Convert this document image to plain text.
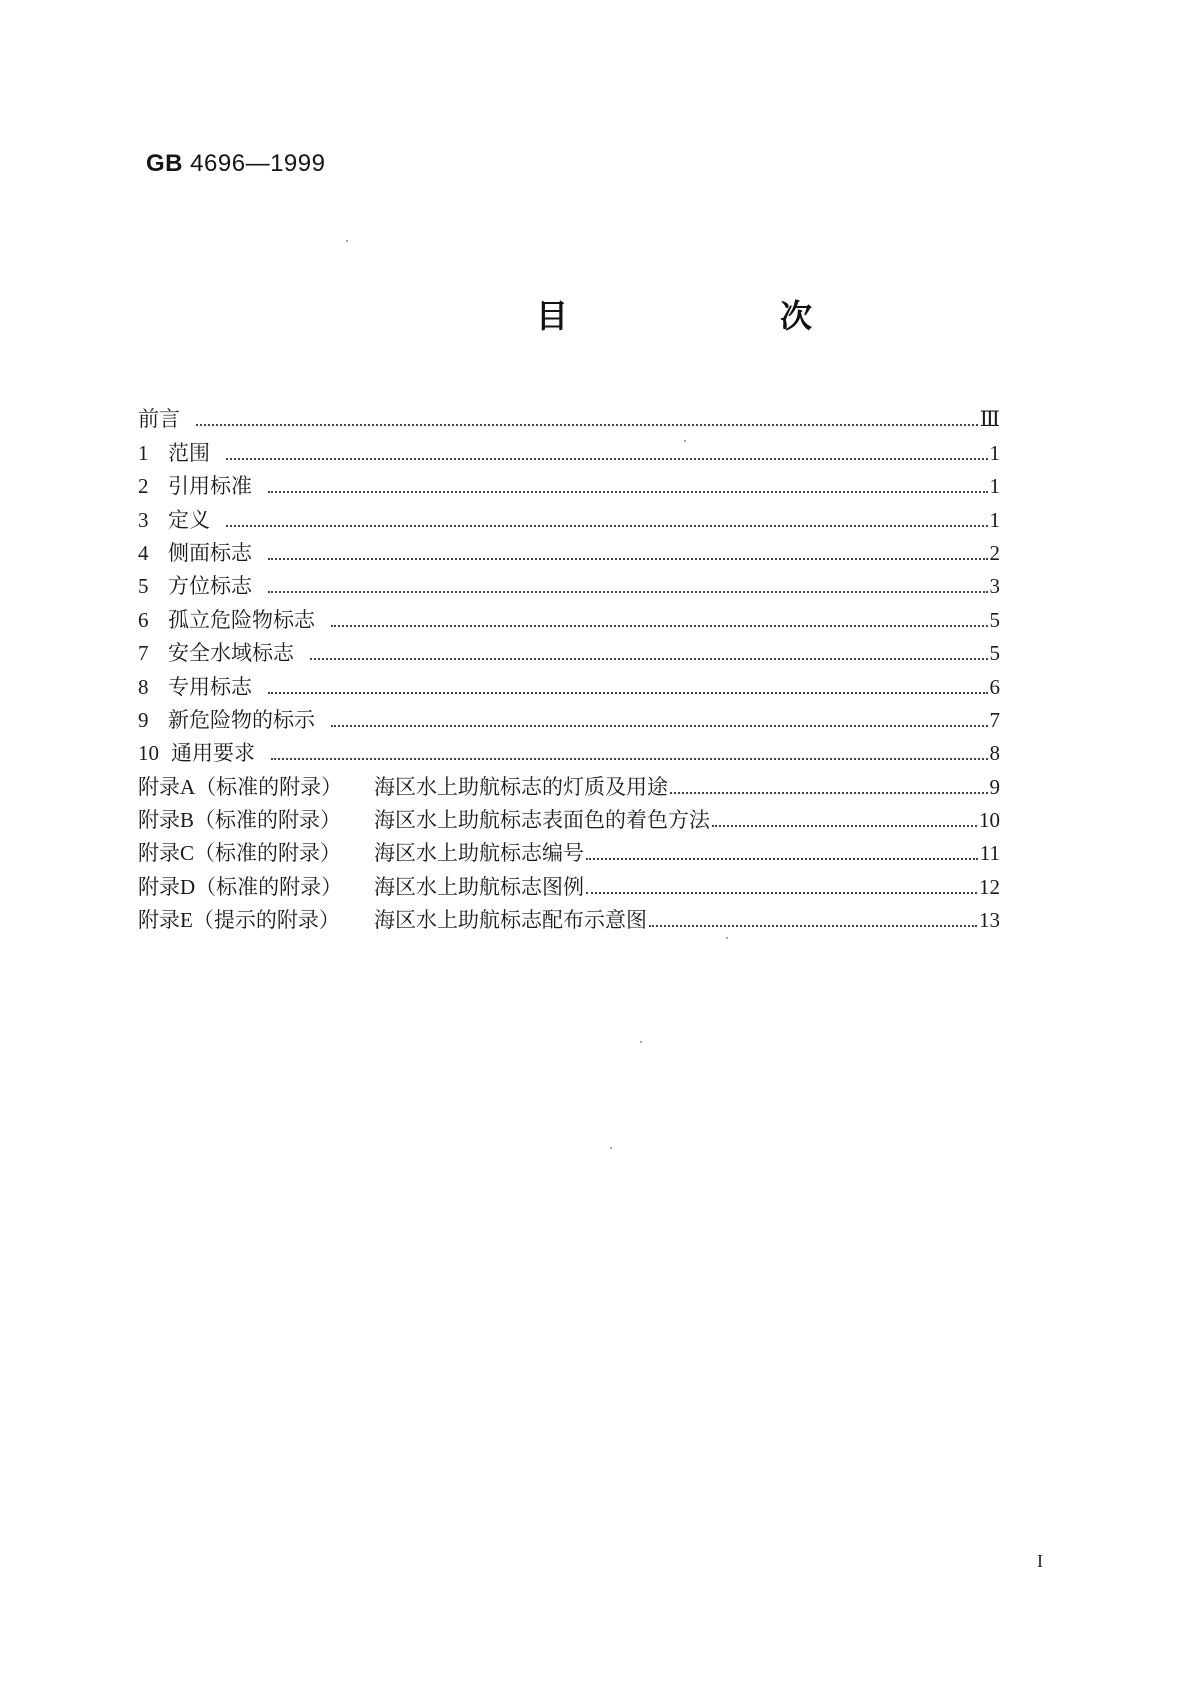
GB 4696—1999
目　次
前言	Ⅲ
1 范围	1
2 引用标准	1
3 定义	1
4 侧面标志	2
5 方位标志	3
6 孤立危险物标志	5
7 安全水域标志	5
8 专用标志	6
9 新危险物的标示	7
10 通用要求	8
附录A（标准的附录）	海区水上助航标志的灯质及用途	9
附录B（标准的附录）	海区水上助航标志表面色的着色方法	10
附录C（标准的附录）	海区水上助航标志编号	11
附录D（标准的附录）	海区水上助航标志图例	12
附录E（提示的附录）	海区水上助航标志配布示意图	13
I
